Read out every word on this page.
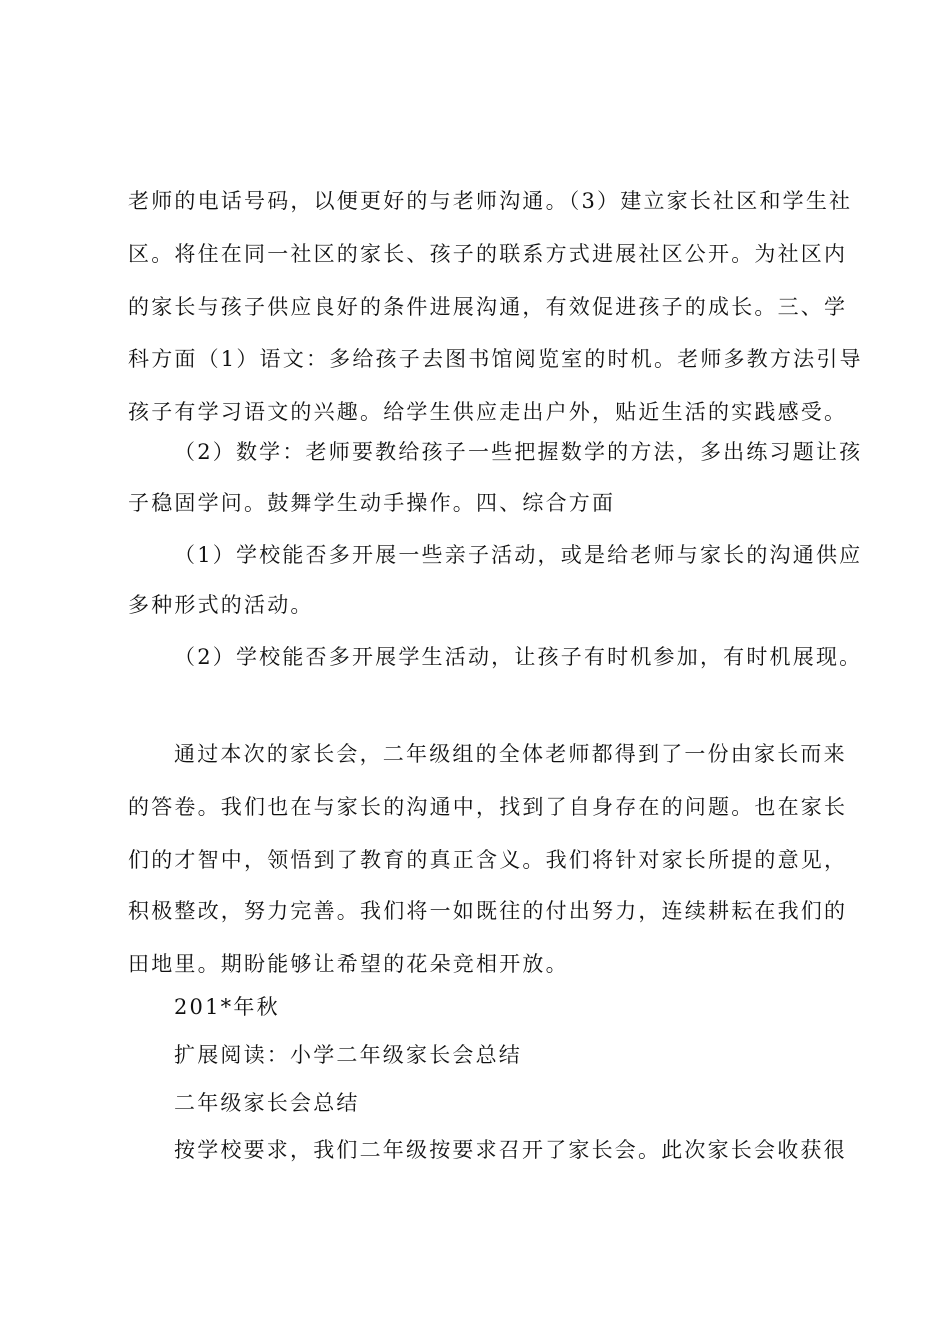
老师的电话号码，以便更好的与老师沟通。（3）建立家长社区和学生社
区。将住在同一社区的家长、孩子的联系方式进展社区公开。为社区内
的家长与孩子供应良好的条件进展沟通，有效促进孩子的成长。三、学
科方面（1）语文：多给孩子去图书馆阅览室的时机。老师多教方法引导
孩子有学习语文的兴趣。给学生供应走出户外，贴近生活的实践感受。
（2）数学：老师要教给孩子一些把握数学的方法，多出练习题让孩
子稳固学问。鼓舞学生动手操作。四、综合方面
（1）学校能否多开展一些亲子活动，或是给老师与家长的沟通供应
多种形式的活动。
（2）学校能否多开展学生活动，让孩子有时机参加，有时机展现。
通过本次的家长会，二年级组的全体老师都得到了一份由家长而来
的答卷。我们也在与家长的沟通中，找到了自身存在的问题。也在家长
们的才智中，领悟到了教育的真正含义。我们将针对家长所提的意见，
积极整改，努力完善。我们将一如既往的付出努力，连续耕耘在我们的
田地里。期盼能够让希望的花朵竞相开放。
201*年秋
扩展阅读：小学二年级家长会总结
二年级家长会总结
按学校要求，我们二年级按要求召开了家长会。此次家长会收获很
